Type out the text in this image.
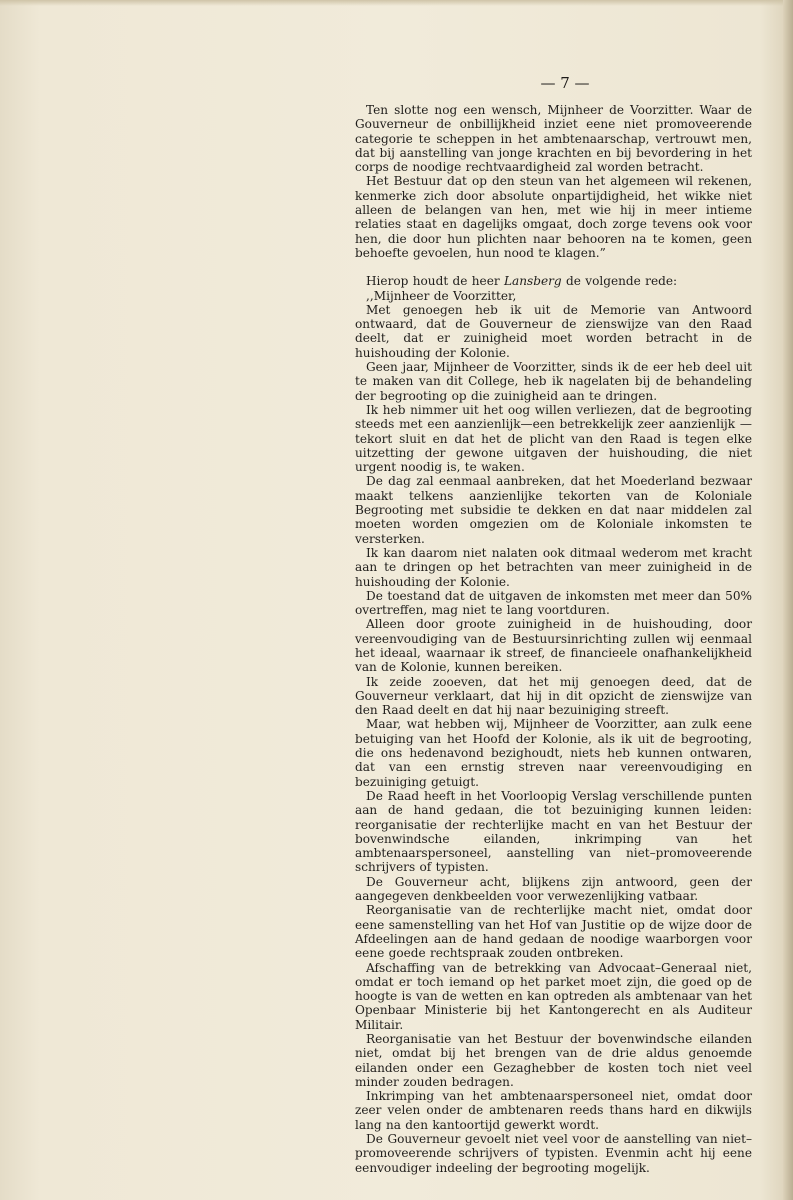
— 7 —

Ten slotte nog een wensch, Mijnheer de Voorzitter. Waar de Gouverneur de onbillijkheid inziet eene niet promoveerende categorie te scheppen in het ambtenaarschap, vertrouwt men, dat bij aanstelling van jonge krachten en bij bevordering in het corps de noodige rechtvaardigheid zal worden betracht.

Het Bestuur dat op den steun van het algemeen wil rekenen, kenmerke zich door absolute onpartijdigheid, het wikke niet alleen de belangen van hen, met wie hij in meer intieme relaties staat en dagelijks omgaat, doch zorge tevens ook voor hen, die door hun plichten naar behooren na te komen, geen behoefte gevoelen, hun nood te klagen.”

Hierop houdt de heer Lansberg de volgende rede:

,,Mijnheer de Voorzitter,

Met genoegen heb ik uit de Memorie van Antwoord ontwaard, dat de Gouverneur de zienswijze van den Raad deelt, dat er zuinigheid moet worden betracht in de huishouding der Kolonie.

Geen jaar, Mijnheer de Voorzitter, sinds ik de eer heb deel uit te maken van dit College, heb ik nagelaten bij de behandeling der begrooting op die zuinigheid aan te dringen.

Ik heb nimmer uit het oog willen verliezen, dat de begrooting steeds met een aanzienlijk—een betrekkelijk zeer aanzienlijk — tekort sluit en dat het de plicht van den Raad is tegen elke uitzetting der gewone uitgaven der huishouding, die niet urgent noodig is, te waken.

De dag zal eenmaal aanbreken, dat het Moederland bezwaar maakt telkens aanzienlijke tekorten van de Koloniale Begrooting met subsidie te dekken en dat naar middelen zal moeten worden omgezien om de Koloniale inkomsten te versterken.

Ik kan daarom niet nalaten ook ditmaal wederom met kracht aan te dringen op het betrachten van meer zuinigheid in de huishouding der Kolonie.

De toestand dat de uitgaven de inkomsten met meer dan 50% overtreffen, mag niet te lang voortduren.

Alleen door groote zuinigheid in de huishouding, door vereenvoudiging van de Bestuursinrichting zullen wij eenmaal het ideaal, waarnaar ik streef, de financieele onafhankelijkheid van de Kolonie, kunnen bereiken.

Ik zeide zooeven, dat het mij genoegen deed, dat de Gouverneur verklaart, dat hij in dit opzicht de zienswijze van den Raad deelt en dat hij naar bezuiniging streeft.

Maar, wat hebben wij, Mijnheer de Voorzitter, aan zulk eene betuiging van het Hoofd der Kolonie, als ik uit de begrooting, die ons hedenavond bezighoudt, niets heb kunnen ontwaren, dat van een ernstig streven naar vereenvoudiging en bezuiniging getuigt.

De Raad heeft in het Voorloopig Verslag verschillende punten aan de hand gedaan, die tot bezuiniging kunnen leiden: reorganisatie der rechterlijke macht en van het Bestuur der bovenwindsche eilanden, inkrimping van het ambtenaarspersoneel, aanstelling van niet–promoveerende schrijvers of typisten.

De Gouverneur acht, blijkens zijn antwoord, geen der aangegeven denkbeelden voor verwezenlijking vatbaar.

Reorganisatie van de rechterlijke macht niet, omdat door eene samenstelling van het Hof van Justitie op de wijze door de Afdeelingen aan de hand gedaan de noodige waarborgen voor eene goede rechtspraak zouden ontbreken.

Afschaffing van de betrekking van Advocaat–Generaal niet, omdat er toch iemand op het parket moet zijn, die goed op de hoogte is van de wetten en kan optreden als ambtenaar van het Openbaar Ministerie bij het Kantongerecht en als Auditeur Militair.

Reorganisatie van het Bestuur der bovenwindsche eilanden niet, omdat bij het brengen van de drie aldus genoemde eilanden onder een Gezaghebber de kosten toch niet veel minder zouden bedragen.

Inkrimping van het ambtenaarspersoneel niet, omdat door zeer velen onder de ambtenaren reeds thans hard en dikwijls lang na den kantoortijd gewerkt wordt.

De Gouverneur gevoelt niet veel voor de aanstelling van niet–promoveerende schrijvers of typisten. Evenmin acht hij eene eenvoudiger indeeling der begrooting mogelijk.
